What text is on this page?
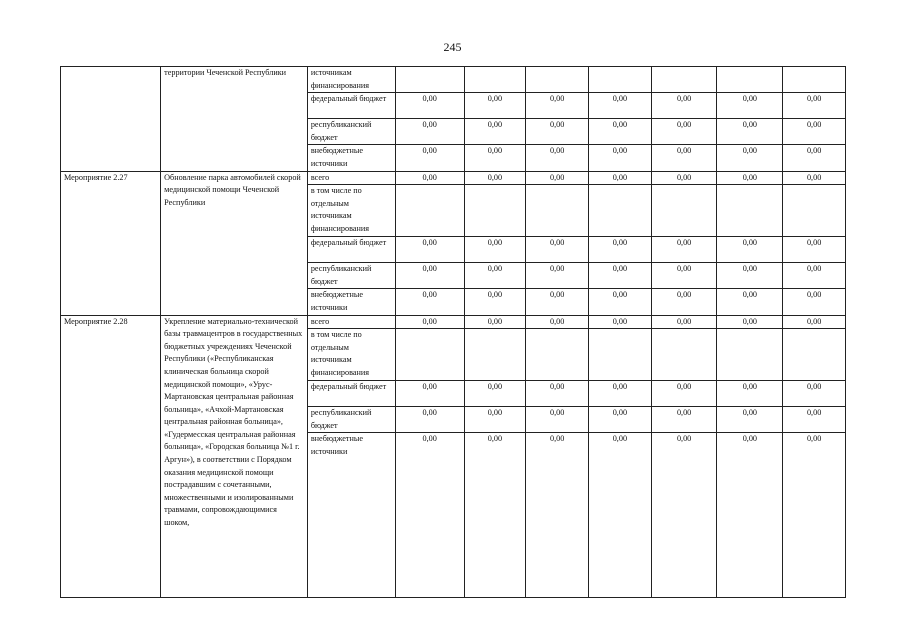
245
	территории Чеченской Республики	источникам финансирования							
		федеральный бюджет	0,00	0,00	0,00	0,00	0,00	0,00	0,00
		республиканский бюджет	0,00	0,00	0,00	0,00	0,00	0,00	0,00
		внебюджетные источники	0,00	0,00	0,00	0,00	0,00	0,00	0,00
Мероприятие 2.27	Обновление парка автомобилей скорой медицинской помощи Чеченской Республики	всего	0,00	0,00	0,00	0,00	0,00	0,00	0,00
		в том числе по отдельным источникам финансирования							
		федеральный бюджет	0,00	0,00	0,00	0,00	0,00	0,00	0,00
		республиканский бюджет	0,00	0,00	0,00	0,00	0,00	0,00	0,00
		внебюджетные источники	0,00	0,00	0,00	0,00	0,00	0,00	0,00
Мероприятие 2.28	Укрепление материально-технической базы травмацентров в государственных бюджетных учреждениях Чеченской Республики («Республиканская клиническая больница скорой медицинской помощи», «Урус-Мартановская центральная районная больница», «Ачхой-Мартановская центральная районная больница», «Гудермесская центральная районная больница», «Городская больница №1 г. Аргун»), в соответствии с Порядком оказания медицинской помощи пострадавшим с сочетанными, множественными и изолированными травмами, сопровождающимися шоком,	всего	0,00	0,00	0,00	0,00	0,00	0,00	0,00
		в том числе по отдельным источникам финансирования							
		федеральный бюджет	0,00	0,00	0,00	0,00	0,00	0,00	0,00
		республиканский бюджет	0,00	0,00	0,00	0,00	0,00	0,00	0,00
		внебюджетные источники	0,00	0,00	0,00	0,00	0,00	0,00	0,00
